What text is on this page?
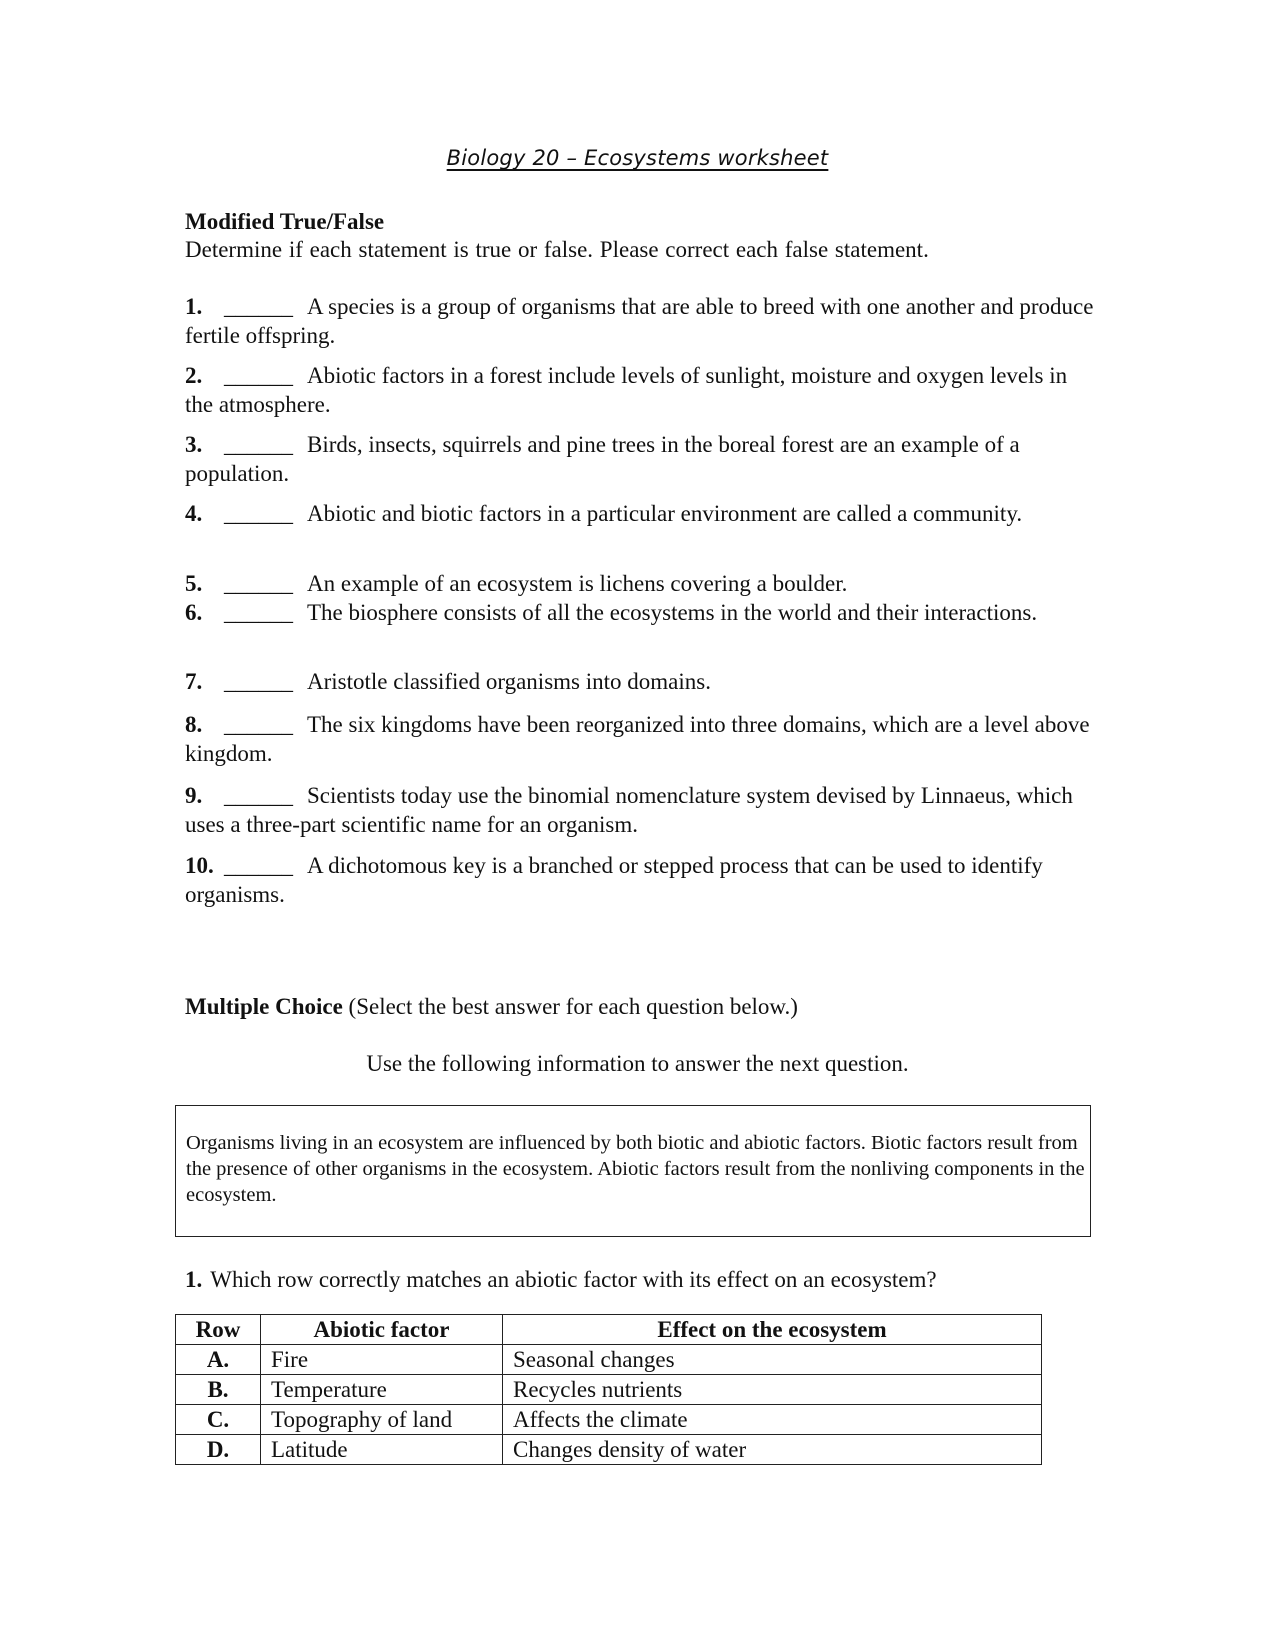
Biology 20 – Ecosystems worksheet
Modified True/False
Determine if each statement is true or false. Please correct each false statement.
1. ______ A species is a group of organisms that are able to breed with one another and produce fertile offspring.
2. ______ Abiotic factors in a forest include levels of sunlight, moisture and oxygen levels in the atmosphere.
3. ______ Birds, insects, squirrels and pine trees in the boreal forest are an example of a population.
4. ______ Abiotic and biotic factors in a particular environment are called a community.
5. ______ An example of an ecosystem is lichens covering a boulder.
6. ______ The biosphere consists of all the ecosystems in the world and their interactions.
7. ______ Aristotle classified organisms into domains.
8. ______ The six kingdoms have been reorganized into three domains, which are a level above kingdom.
9. ______ Scientists today use the binomial nomenclature system devised by Linnaeus, which uses a three-part scientific name for an organism.
10. ______ A dichotomous key is a branched or stepped process that can be used to identify organisms.
Multiple Choice (Select the best answer for each question below.)
Use the following information to answer the next question.
Organisms living in an ecosystem are influenced by both biotic and abiotic factors. Biotic factors result from the presence of other organisms in the ecosystem. Abiotic factors result from the nonliving components in the ecosystem.
1. Which row correctly matches an abiotic factor with its effect on an ecosystem?
Row	Abiotic factor	Effect on the ecosystem
A.	Fire	Seasonal changes
B.	Temperature	Recycles nutrients
C.	Topography of land	Affects the climate
D.	Latitude	Changes density of water
